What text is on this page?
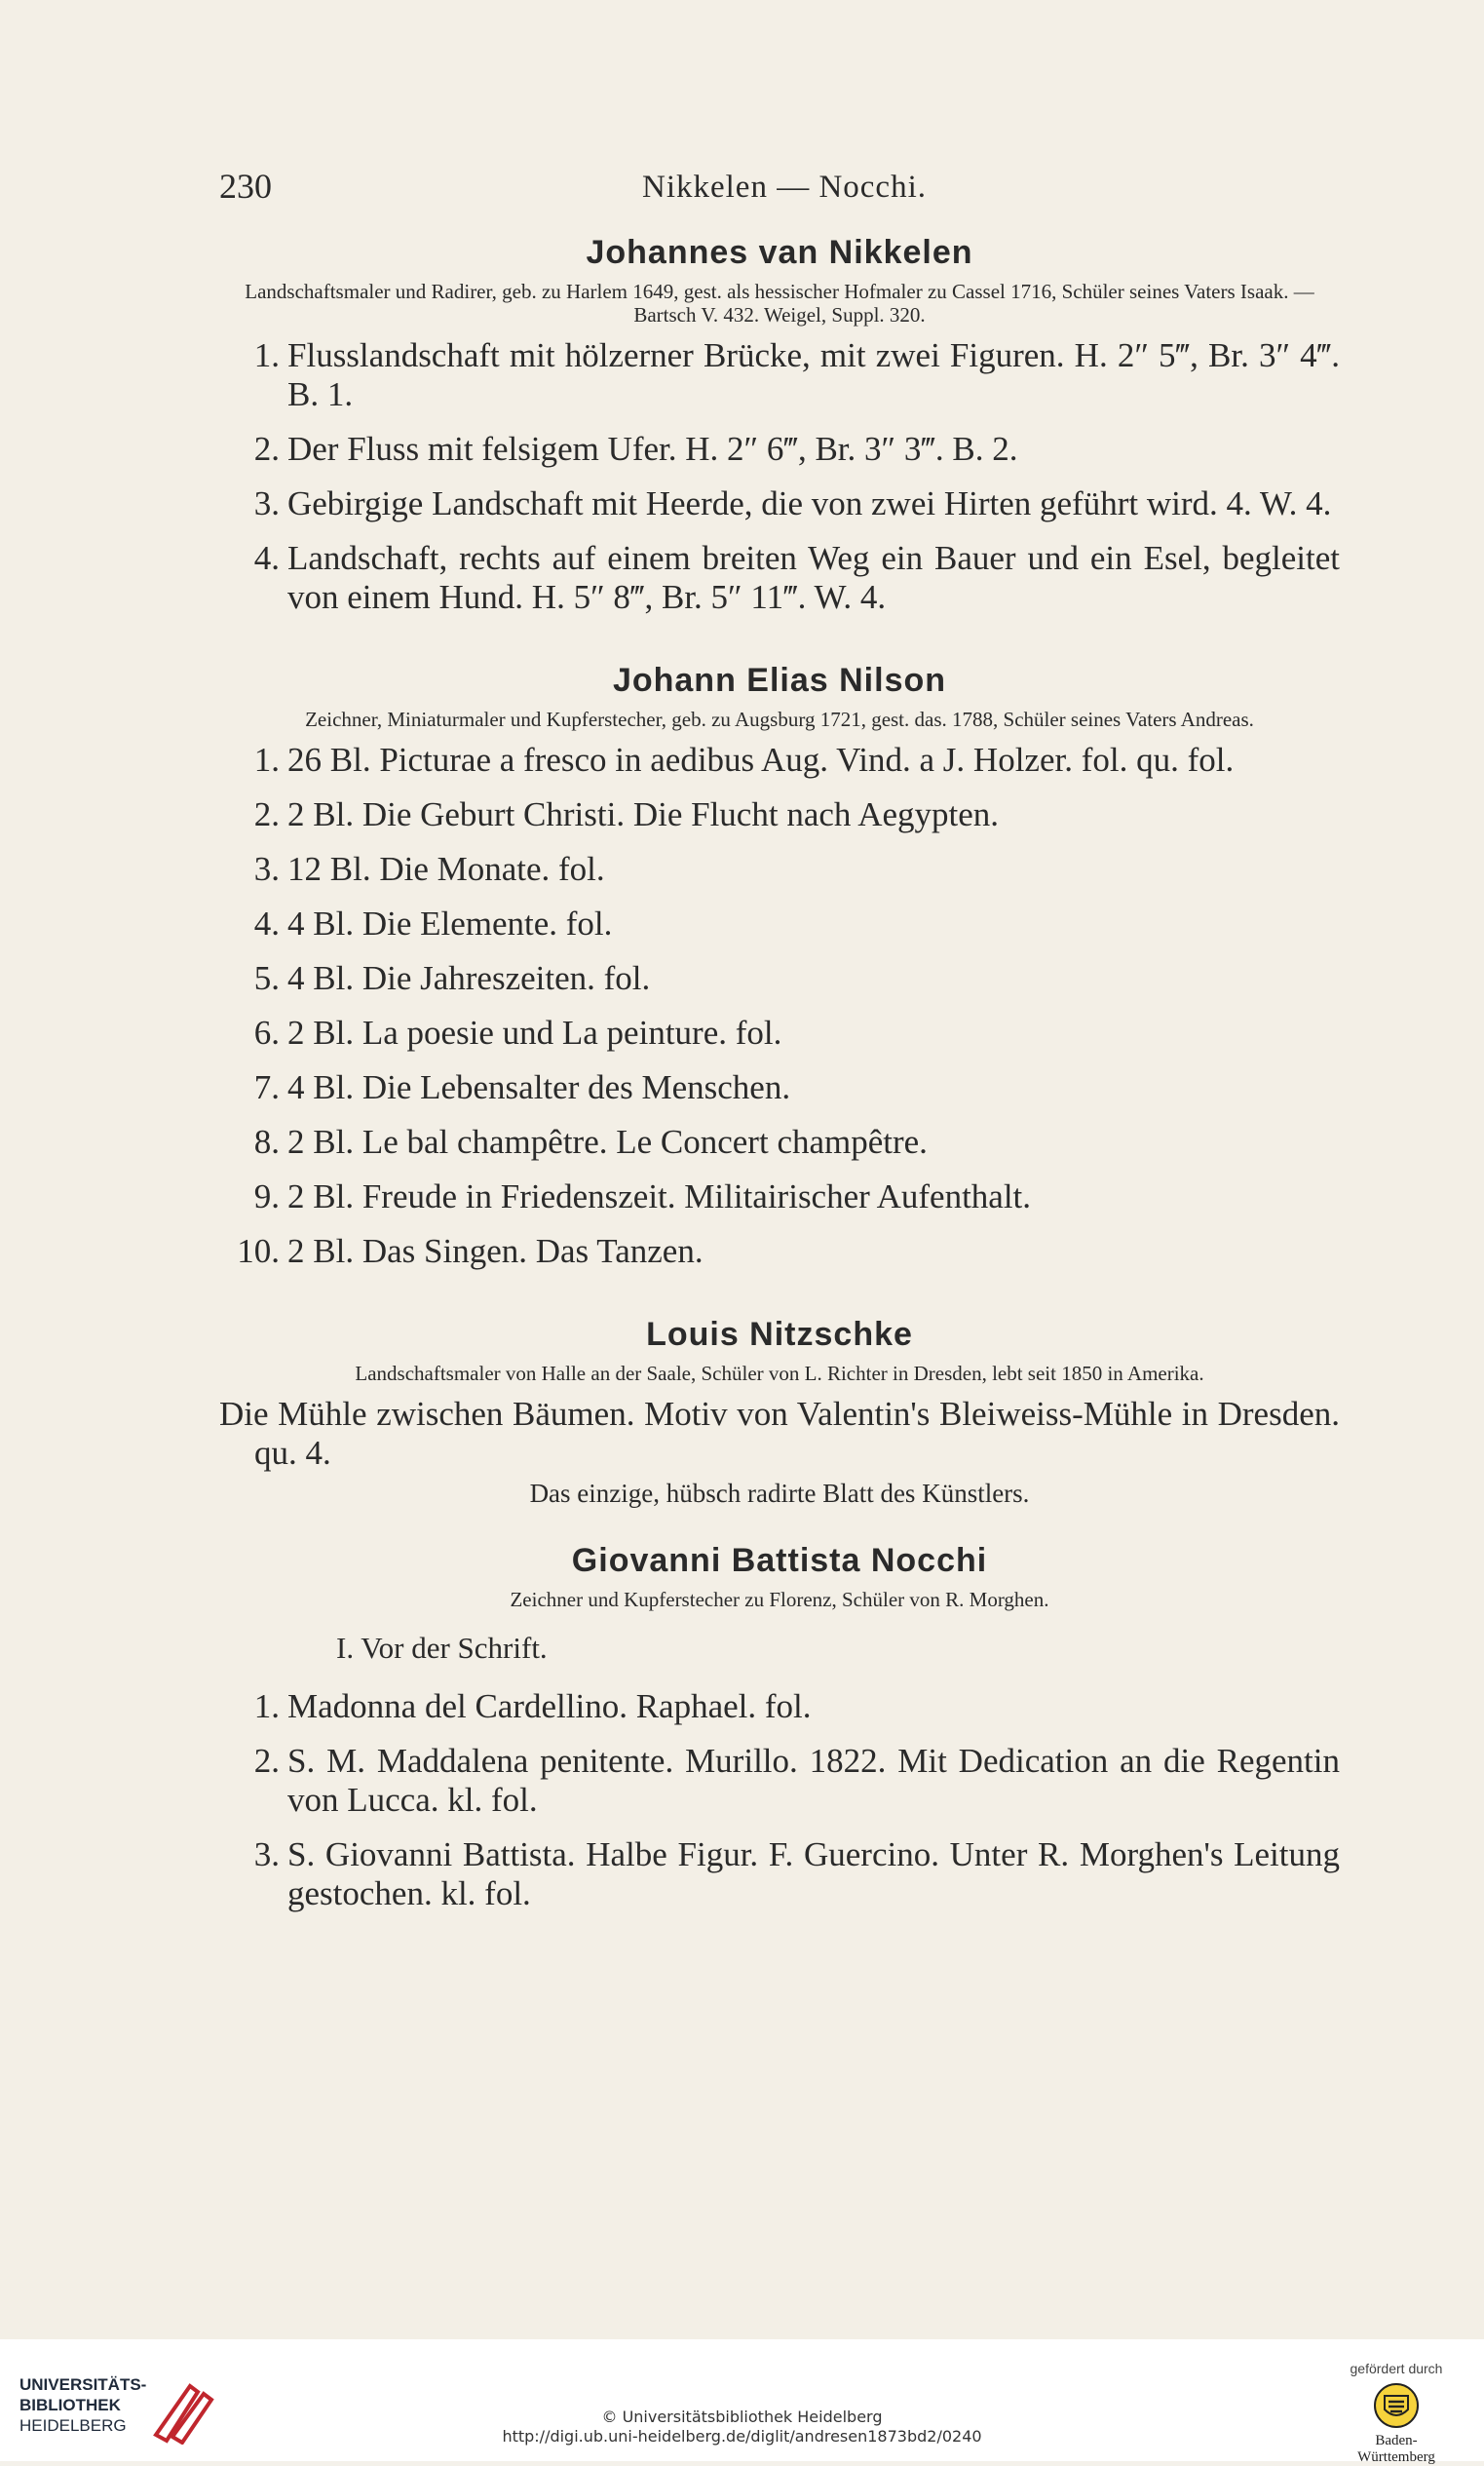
230	Nikkelen — Nocchi.
Johannes van Nikkelen
Landschaftsmaler und Radirer, geb. zu Harlem 1649, gest. als hessischer Hofmaler zu Cassel 1716, Schüler seines Vaters Isaak. — Bartsch V. 432. Weigel, Suppl. 320.
1. Flusslandschaft mit hölzerner Brücke, mit zwei Figuren. H. 2″ 5‴, Br. 3″ 4‴. B. 1.
2. Der Fluss mit felsigem Ufer. H. 2″ 6‴, Br. 3″ 3‴. B. 2.
3. Gebirgige Landschaft mit Heerde, die von zwei Hirten geführt wird. 4. W. 4.
4. Landschaft, rechts auf einem breiten Weg ein Bauer und ein Esel, begleitet von einem Hund. H. 5″ 8‴, Br. 5″ 11‴. W. 4.
Johann Elias Nilson
Zeichner, Miniaturmaler und Kupferstecher, geb. zu Augsburg 1721, gest. das. 1788, Schüler seines Vaters Andreas.
1. 26 Bl. Picturae a fresco in aedibus Aug. Vind. a J. Holzer. fol. qu. fol.
2. 2 Bl. Die Geburt Christi. Die Flucht nach Aegypten.
3. 12 Bl. Die Monate. fol.
4. 4 Bl. Die Elemente. fol.
5. 4 Bl. Die Jahreszeiten. fol.
6. 2 Bl. La poesie und La peinture. fol.
7. 4 Bl. Die Lebensalter des Menschen.
8. 2 Bl. Le bal champêtre. Le Concert champêtre.
9. 2 Bl. Freude in Friedenszeit. Militairischer Aufenthalt.
10. 2 Bl. Das Singen. Das Tanzen.
Louis Nitzschke
Landschaftsmaler von Halle an der Saale, Schüler von L. Richter in Dresden, lebt seit 1850 in Amerika.
Die Mühle zwischen Bäumen. Motiv von Valentin's Bleiweiss-Mühle in Dresden. qu. 4.
Das einzige, hübsch radirte Blatt des Künstlers.
Giovanni Battista Nocchi
Zeichner und Kupferstecher zu Florenz, Schüler von R. Morghen.
I. Vor der Schrift.
1. Madonna del Cardellino. Raphael. fol.
2. S. M. Maddalena penitente. Murillo. 1822. Mit Dedication an die Regentin von Lucca. kl. fol.
3. S. Giovanni Battista. Halbe Figur. F. Guercino. Unter R. Morghen's Leitung gestochen. kl. fol.
UNIVERSITÄTS-
BIBLIOTHEK
HEIDELBERG	© Universitätsbibliothek Heidelberg
http://digi.ub.uni-heidelberg.de/diglit/andresen1873bd2/0240
gefördert durch
Baden-Württemberg
